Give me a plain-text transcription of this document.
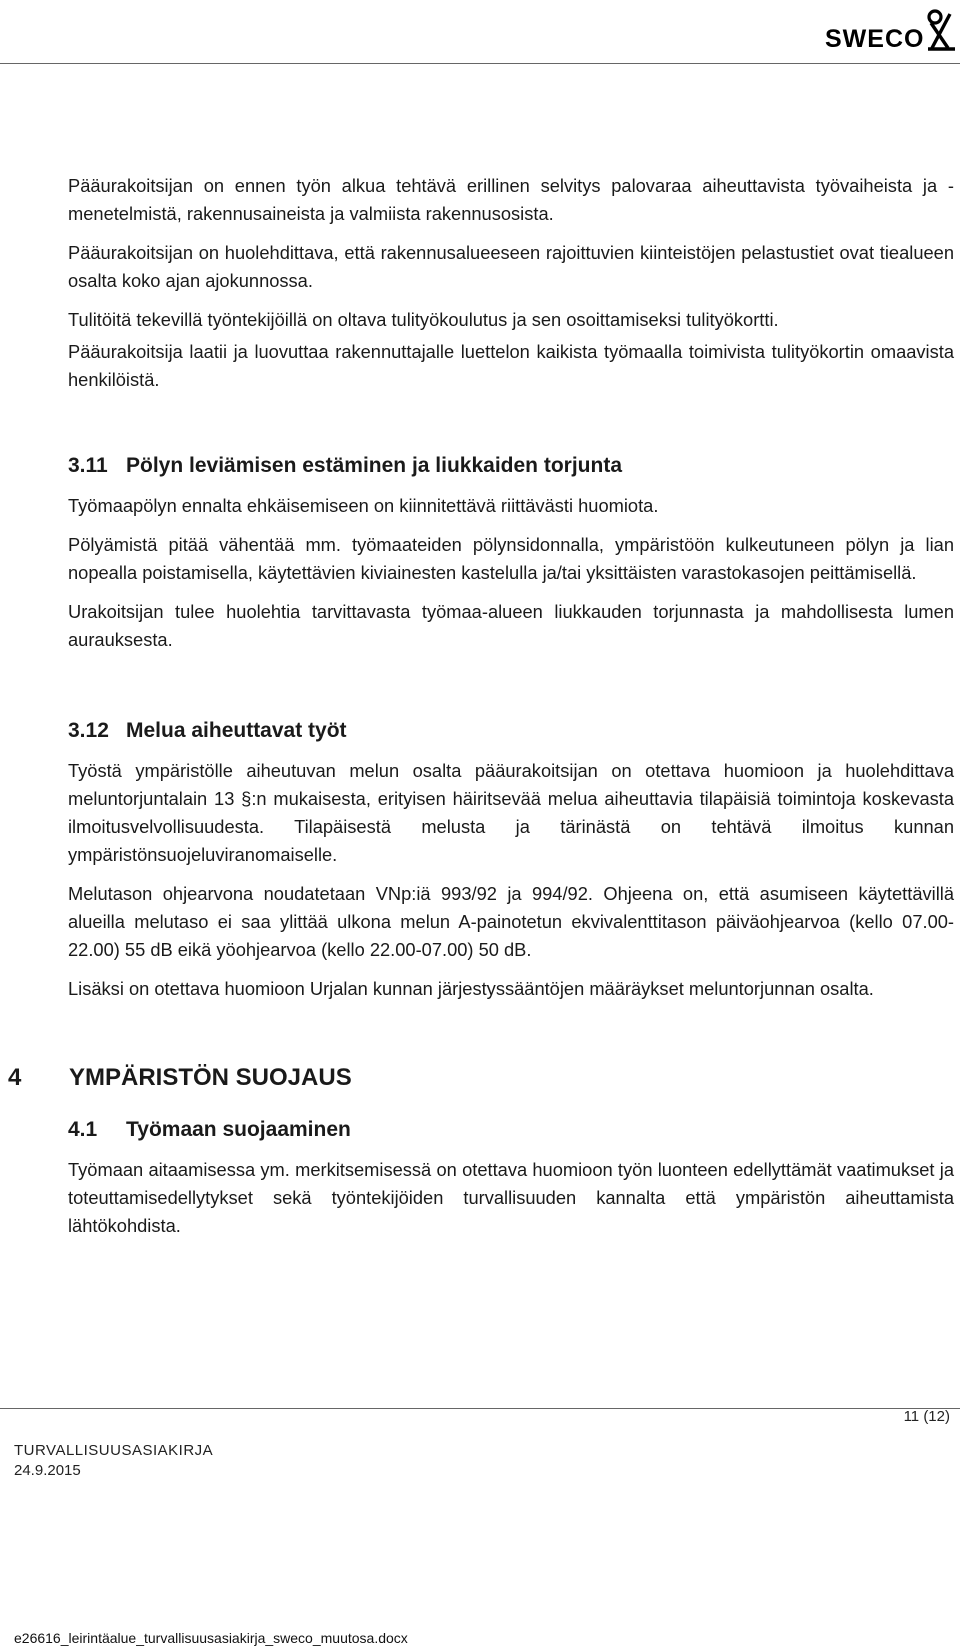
SWECO

Pääurakoitsijan on ennen työn alkua tehtävä erillinen selvitys palovaraa aiheuttavista työvaiheista ja -menetelmistä, rakennusaineista ja valmiista rakennusosista.

Pääurakoitsijan on huolehdittava, että rakennusalueeseen rajoittuvien kiinteistöjen pelastustiet ovat tiealueen osalta koko ajan ajokunnossa.

Tulitöitä tekevillä työntekijöillä on oltava tulityökoulutus ja sen osoittamiseksi tulityökortti.

Pääurakoitsija laatii ja luovuttaa rakennuttajalle luettelon kaikista työmaalla toimivista tulityökortin omaavista henkilöistä.

3.11 Pölyn leviämisen estäminen ja liukkaiden torjunta

Työmaapölyn ennalta ehkäisemiseen on kiinnitettävä riittävästi huomiota.

Pölyämistä pitää vähentää mm. työmaateiden pölynsidonnalla, ympäristöön kulkeutuneen pölyn ja lian nopealla poistamisella, käytettävien kiviainesten kastelulla ja/tai yksittäisten varastokasojen peittämisellä.

Urakoitsijan tulee huolehtia tarvittavasta työmaa-alueen liukkauden torjunnasta ja mahdollisesta lumen aurauksesta.

3.12 Melua aiheuttavat työt

Työstä ympäristölle aiheutuvan melun osalta pääurakoitsijan on otettava huomioon ja huolehdittava meluntorjuntalain 13 §:n mukaisesta, erityisen häiritsevää melua aiheuttavia tilapäisiä toimintoja koskevasta ilmoitusvelvollisuudesta. Tilapäisestä melusta ja tärinästä on tehtävä ilmoitus kunnan ympäristönsuojeluviranomaiselle.

Melutason ohjearvona noudatetaan VNp:iä 993/92 ja 994/92. Ohjeena on, että asumiseen käytettävillä alueilla melutaso ei saa ylittää ulkona melun A-painotetun ekvivalenttitason päiväohjearvoa (kello 07.00-22.00) 55 dB eikä yöohjearvoa (kello 22.00-07.00) 50 dB.

Lisäksi on otettava huomioon Urjalan kunnan järjestyssääntöjen määräykset meluntorjunnan osalta.

4 YMPÄRISTÖN SUOJAUS
4.1 Työmaan suojaaminen

Työmaan aitaamisessa ym. merkitsemisessä on otettava huomioon työn luonteen edellyttämät vaatimukset ja toteuttamisedellytykset sekä työntekijöiden turvallisuuden kannalta että ympäristön aiheuttamista lähtökohdista.

11 (12)
TURVALLISUUSASIAKIRJA
24.9.2015
e26616_leirintäalue_turvallisuusasiakirja_sweco_muutosa.docx
